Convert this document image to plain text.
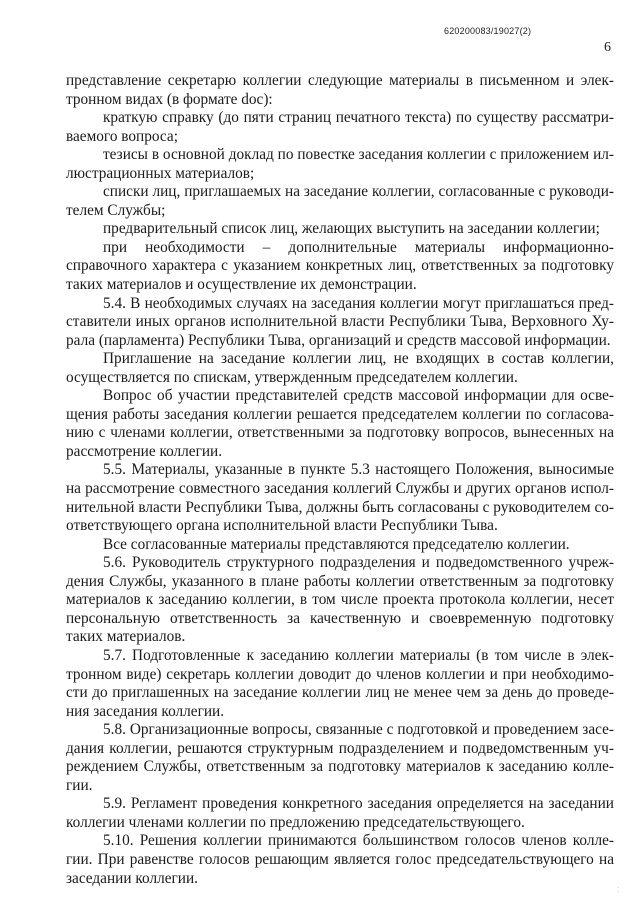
620200083/19027(2)
6

представление секретарю коллегии следующие материалы в письменном и электронном видах (в формате doc):

краткую справку (до пяти страниц печатного текста) по существу рассматриваемого вопроса;

тезисы в основной доклад по повестке заседания коллегии с приложением иллюстрационных материалов;

списки лиц, приглашаемых на заседание коллегии, согласованные с руководителем Службы;

предварительный список лиц, желающих выступить на заседании коллегии;

при необходимости – дополнительные материалы информационно-справочного характера с указанием конкретных лиц, ответственных за подготовку таких материалов и осуществление их демонстрации.

5.4. В необходимых случаях на заседания коллегии могут приглашаться представители иных органов исполнительной власти Республики Тыва, Верховного Хурала (парламента) Республики Тыва, организаций и средств массовой информации.

Приглашение на заседание коллегии лиц, не входящих в состав коллегии, осуществляется по спискам, утвержденным председателем коллегии.

Вопрос об участии представителей средств массовой информации для освещения работы заседания коллегии решается председателем коллегии по согласованию с членами коллегии, ответственными за подготовку вопросов, вынесенных на рассмотрение коллегии.

5.5. Материалы, указанные в пункте 5.3 настоящего Положения, выносимые на рассмотрение совместного заседания коллегий Службы и других органов исполнительной власти Республики Тыва, должны быть согласованы с руководителем соответствующего органа исполнительной власти Республики Тыва.

Все согласованные материалы представляются председателю коллегии.

5.6. Руководитель структурного подразделения и подведомственного учреждения Службы, указанного в плане работы коллегии ответственным за подготовку материалов к заседанию коллегии, в том числе проекта протокола коллегии, несет персональную ответственность за качественную и своевременную подготовку таких материалов.

5.7. Подготовленные к заседанию коллегии материалы (в том числе в электронном виде) секретарь коллегии доводит до членов коллегии и при необходимости до приглашенных на заседание коллегии лиц не менее чем за день до проведения заседания коллегии.

5.8. Организационные вопросы, связанные с подготовкой и проведением заседания коллегии, решаются структурным подразделением и подведомственным учреждением Службы, ответственным за подготовку материалов к заседанию коллегии.

5.9. Регламент проведения конкретного заседания определяется на заседании коллегии членами коллегии по предложению председательствующего.

5.10. Решения коллегии принимаются большинством голосов членов коллегии. При равенстве голосов решающим является голос председательствующего на заседании коллегии.

⁚
